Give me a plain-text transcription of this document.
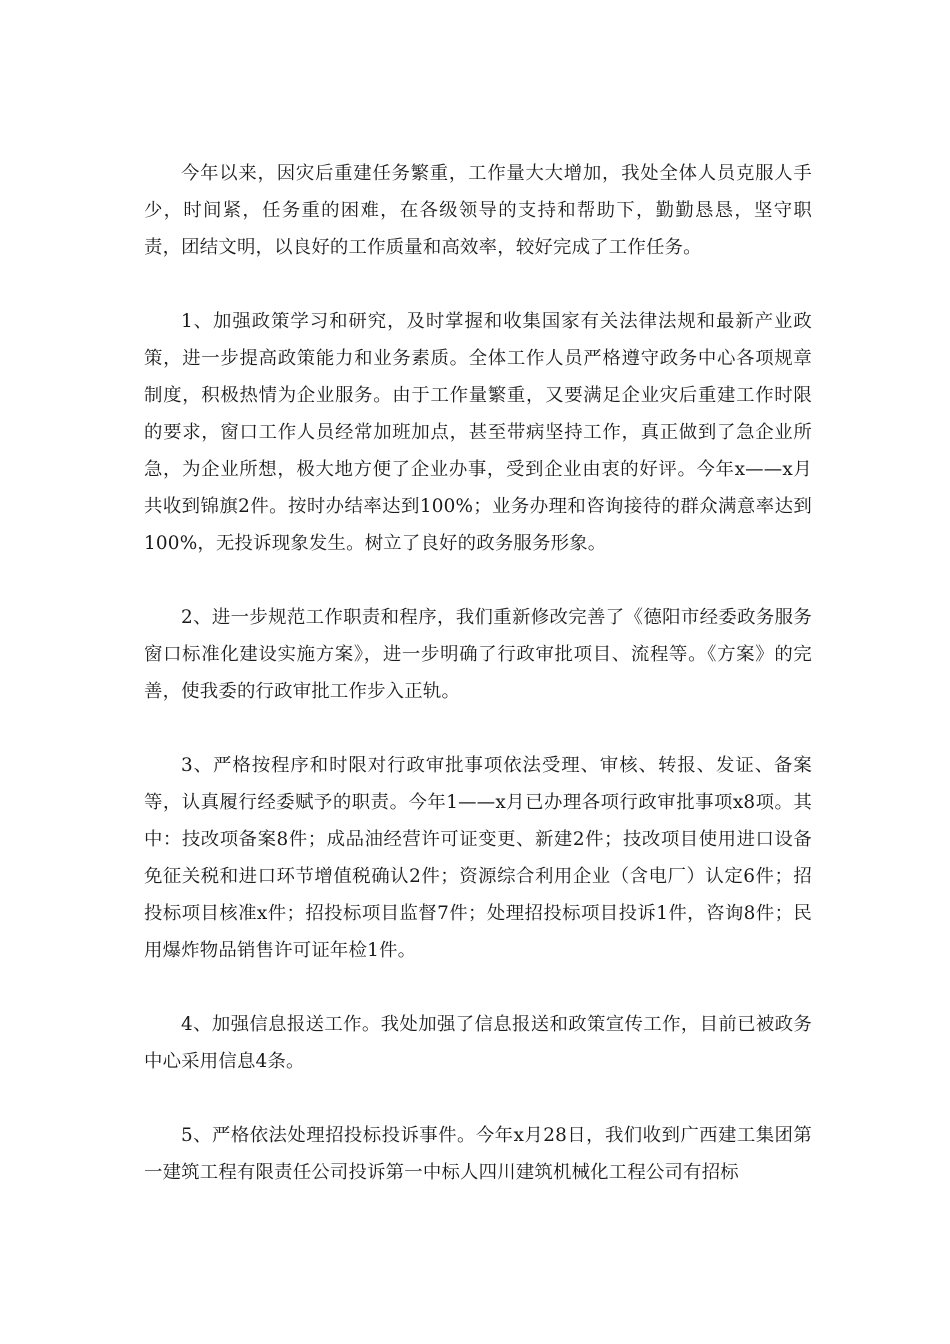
今年以来，因灾后重建任务繁重，工作量大大增加，我处全体人员克服人手少，时间紧，任务重的困难，在各级领导的支持和帮助下，勤勤恳恳，坚守职责，团结文明，以良好的工作质量和高效率，较好完成了工作任务。

1、加强政策学习和研究，及时掌握和收集国家有关法律法规和最新产业政策，进一步提高政策能力和业务素质。全体工作人员严格遵守政务中心各项规章制度，积极热情为企业服务。由于工作量繁重，又要满足企业灾后重建工作时限的要求，窗口工作人员经常加班加点，甚至带病坚持工作，真正做到了急企业所急，为企业所想，极大地方便了企业办事，受到企业由衷的好评。今年x——x月共收到锦旗2件。按时办结率达到100%；业务办理和咨询接待的群众满意率达到100%，无投诉现象发生。树立了良好的政务服务形象。

2、进一步规范工作职责和程序，我们重新修改完善了《德阳市经委政务服务窗口标准化建设实施方案》，进一步明确了行政审批项目、流程等。《方案》的完善，使我委的行政审批工作步入正轨。

3、严格按程序和时限对行政审批事项依法受理、审核、转报、发证、备案等，认真履行经委赋予的职责。今年1——x月已办理各项行政审批事项x8项。其中：技改项备案8件；成品油经营许可证变更、新建2件；技改项目使用进口设备免征关税和进口环节增值税确认2件；资源综合利用企业（含电厂）认定6件；招投标项目核准x件；招投标项目监督7件；处理招投标项目投诉1件，咨询8件；民用爆炸物品销售许可证年检1件。

4、加强信息报送工作。我处加强了信息报送和政策宣传工作，目前已被政务中心采用信息4条。

5、严格依法处理招投标投诉事件。今年x月28日，我们收到广西建工集团第一建筑工程有限责任公司投诉第一中标人四川建筑机械化工程公司有招标
